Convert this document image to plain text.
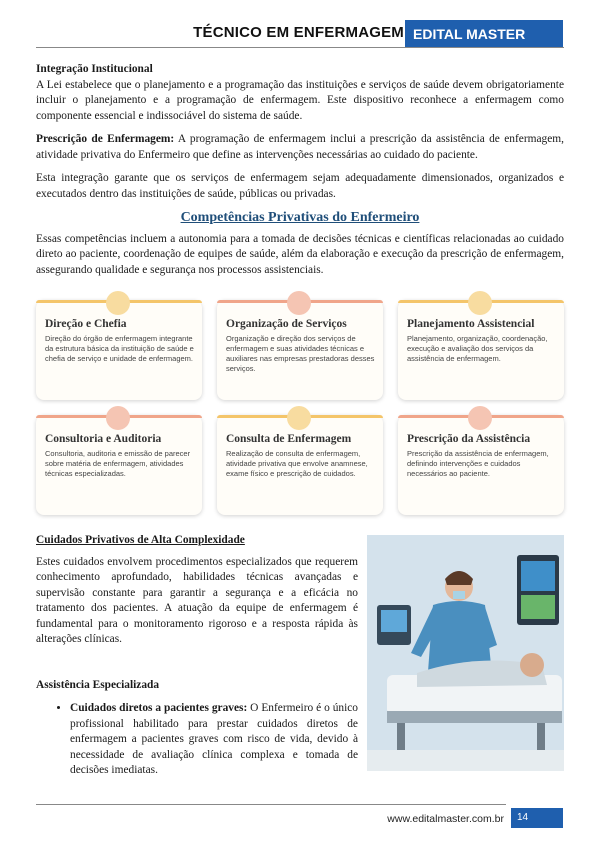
TÉCNICO EM ENFERMAGEM EDITAL MASTER

Integração Institucional

A Lei estabelece que o planejamento e a programação das instituições e serviços de saúde devem obrigatoriamente incluir o planejamento e a programação de enfermagem. Este dispositivo reconhece a enfermagem como componente essencial e indissociável do sistema de saúde.

Prescrição de Enfermagem: A programação de enfermagem inclui a prescrição da assistência de enfermagem, atividade privativa do Enfermeiro que define as intervenções necessárias ao cuidado do paciente.

Esta integração garante que os serviços de enfermagem sejam adequadamente dimensionados, organizados e executados dentro das instituições de saúde, públicas ou privadas.

Competências Privativas do Enfermeiro

Essas competências incluem a autonomia para a tomada de decisões técnicas e científicas relacionadas ao cuidado direto ao paciente, coordenação de equipes de saúde, além da elaboração e execução da prescrição de enfermagem, assegurando qualidade e segurança nos processos assistenciais.

Direção e Chefia
Direção do órgão de enfermagem integrante da estrutura básica da instituição de saúde e chefia de serviço e unidade de enfermagem.
Organização de Serviços
Organização e direção dos serviços de enfermagem e suas atividades técnicas e auxiliares nas empresas prestadoras desses serviços.
Planejamento Assistencial
Planejamento, organização, coordenação, execução e avaliação dos serviços da assistência de enfermagem.
Consultoria e Auditoria
Consultoria, auditoria e emissão de parecer sobre matéria de enfermagem, atividades técnicas especializadas.
Consulta de Enfermagem
Realização de consulta de enfermagem, atividade privativa que envolve anamnese, exame físico e prescrição de cuidados.
Prescrição da Assistência
Prescrição da assistência de enfermagem, definindo intervenções e cuidados necessários ao paciente.

Cuidados Privativos de Alta Complexidade

Estes cuidados envolvem procedimentos especializados que requerem conhecimento aprofundado, habilidades técnicas avançadas e supervisão constante para garantir a segurança e a eficácia no tratamento dos pacientes. A atuação da equipe de enfermagem é fundamental para o monitoramento rigoroso e a resposta rápida às alterações clínicas.

Assistência Especializada

• Cuidados diretos a pacientes graves: O Enfermeiro é o único profissional habilitado para prestar cuidados diretos de enfermagem a pacientes graves com risco de vida, devido à necessidade de avaliação clínica complexa e tomada de decisões imediatas.
www.editalmaster.com.br	14
